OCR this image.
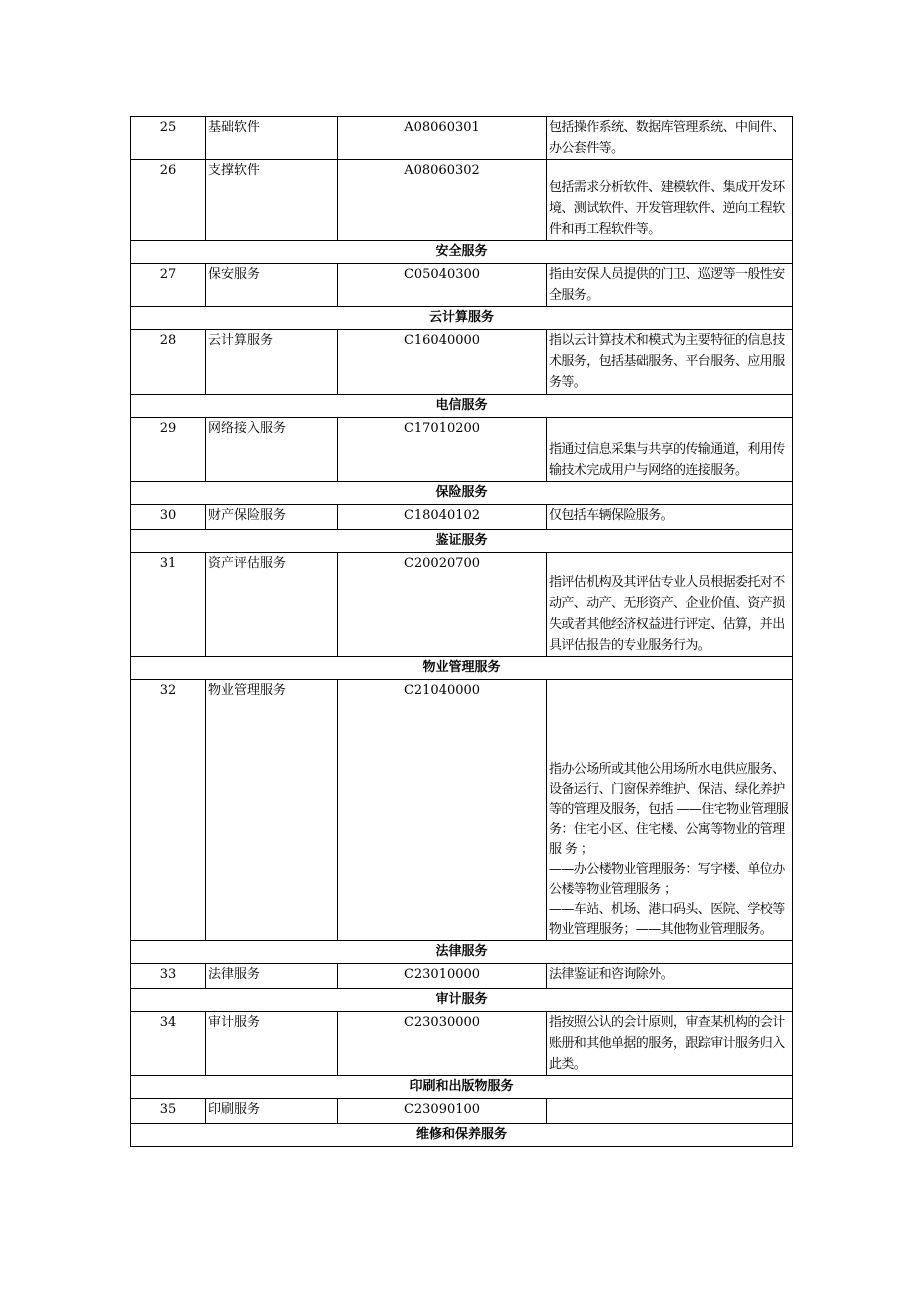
25	基础软件	A08060301	包括操作系统、数据库管理系统、中间件、办公套件等。

26	支撑软件	A08060302	包括需求分析软件、建模软件、集成开发环境、测试软件、开发管理软件、逆向工程软件和再工程软件等。

安全服务			
27	保安服务	C05040300	指由安保人员提供的门卫、巡逻等一般性安全服务。

云计算服务			
28	云计算服务	C16040000	指以云计算技术和模式为主要特征的信息技术服务，包括基础服务、平台服务、应用服务等。

电信服务			
29	网络接入服务	C17010200	指通过信息采集与共享的传输通道，利用传输技术完成用户与网络的连接服务。

保险服务			
30	财产保险服务	C18040102	仅包括车辆保险服务。

鉴证服务			
31	资产评估服务	C20020700	指评估机构及其评估专业人员根据委托对不动产、动产、无形资产、企业价值、资产损失或者其他经济权益进行评定、估算，并出具评估报告的专业服务行为。

物业管理服务			
32	物业管理服务	C21040000	指办公场所或其他公用场所水电供应服务、设备运行、门窗保养维护、保洁、绿化养护等的管理及服务，包括 ——住宅物业管理服务：住宅小区、住宅楼、公寓等物业的管理服 务 ；
——办公楼物业管理服务：写字楼、单位办公楼等物业管理服务 ；
——车站、机场、港口码头、医院、学校等物业管理服务；——其他物业管理服务。

法律服务			
33	法律服务	C23010000	法律鉴证和咨询除外。

审计服务			
34	审计服务	C23030000	指按照公认的会计原则，审查某机构的会计账册和其他单据的服务，跟踪审计服务归入此类。

印刷和出版物服务			
35	印刷服务	C23090100	

维修和保养服务			
